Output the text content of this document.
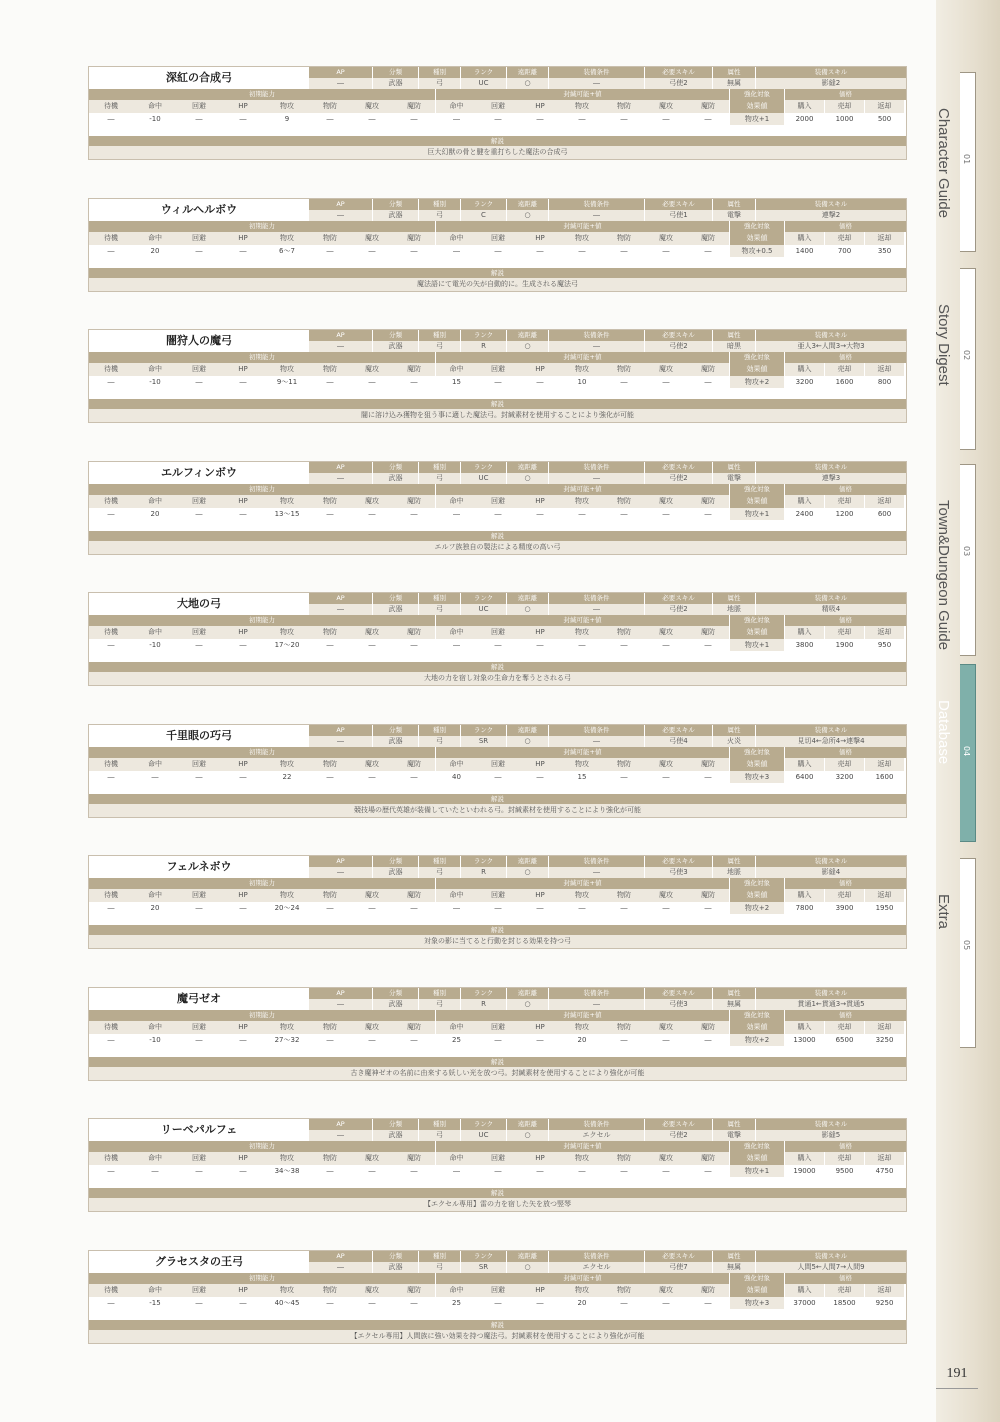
深紅の合成弓	AP	分類	種別	ランク	遠距離	装備条件	必要スキル	属性	装備スキル
―	武器	弓	UC	○	―	弓使2	無属	影縫2
初期能力	封緘可能+値	強化対象	価格
待機	命中	回避	HP	物攻	物防	魔攻	魔防	命中	回避	HP	物攻	物防	魔攻	魔防	効果値	購入	売却	返却
―	-10	―	―	9	―	―	―	―	―	―	―	―	―	―	物攻+1	2000	1000	500
解説
巨大幻獣の骨と腱を重打ちした魔法の合成弓
ウィルヘルボウ	AP	分類	種別	ランク	遠距離	装備条件	必要スキル	属性	装備スキル
―	武器	弓	C	○	―	弓使1	電撃	連撃2
初期能力	封緘可能+値	強化対象	価格
待機	命中	回避	HP	物攻	物防	魔攻	魔防	命中	回避	HP	物攻	物防	魔攻	魔防	効果値	購入	売却	返却
―	20	―	―	6～7	―	―	―	―	―	―	―	―	―	―	物攻+0.5	1400	700	350
解説
魔法語にて電光の矢が自動的に。生成される魔法弓
闇狩人の魔弓	AP	分類	種別	ランク	遠距離	装備条件	必要スキル	属性	装備スキル
―	武器	弓	R	○	―	弓使2	暗黒	亜人3←人間3→大物3
初期能力	封緘可能+値	強化対象	価格
待機	命中	回避	HP	物攻	物防	魔攻	魔防	命中	回避	HP	物攻	物防	魔攻	魔防	効果値	購入	売却	返却
―	-10	―	―	9～11	―	―	―	15	―	―	10	―	―	―	物攻+2	3200	1600	800
解説
闇に溶け込み獲物を狙う事に適した魔法弓。封緘素材を使用することにより強化が可能
エルフィンボウ	AP	分類	種別	ランク	遠距離	装備条件	必要スキル	属性	装備スキル
―	武器	弓	UC	○	―	弓使2	電撃	連撃3
初期能力	封緘可能+値	強化対象	価格
待機	命中	回避	HP	物攻	物防	魔攻	魔防	命中	回避	HP	物攻	物防	魔攻	魔防	効果値	購入	売却	返却
―	20	―	―	13～15	―	―	―	―	―	―	―	―	―	―	物攻+1	2400	1200	600
解説
エルフ族独自の製法による精度の高い弓
大地の弓	AP	分類	種別	ランク	遠距離	装備条件	必要スキル	属性	装備スキル
―	武器	弓	UC	○	―	弓使2	地脈	精吸4
初期能力	封緘可能+値	強化対象	価格
待機	命中	回避	HP	物攻	物防	魔攻	魔防	命中	回避	HP	物攻	物防	魔攻	魔防	効果値	購入	売却	返却
―	-10	―	―	17～20	―	―	―	―	―	―	―	―	―	―	物攻+1	3800	1900	950
解説
大地の力を宿し対象の生命力を奪うとされる弓
千里眼の巧弓	AP	分類	種別	ランク	遠距離	装備条件	必要スキル	属性	装備スキル
―	武器	弓	SR	○	―	弓使4	火炎	見切4←急所4→連撃4
初期能力	封緘可能+値	強化対象	価格
待機	命中	回避	HP	物攻	物防	魔攻	魔防	命中	回避	HP	物攻	物防	魔攻	魔防	効果値	購入	売却	返却
―	―	―	―	22	―	―	―	40	―	―	15	―	―	―	物攻+3	6400	3200	1600
解説
競技場の歴代英雄が装備していたといわれる弓。封緘素材を使用することにより強化が可能
フェルネボウ	AP	分類	種別	ランク	遠距離	装備条件	必要スキル	属性	装備スキル
―	武器	弓	R	○	―	弓使3	地脈	影縫4
初期能力	封緘可能+値	強化対象	価格
待機	命中	回避	HP	物攻	物防	魔攻	魔防	命中	回避	HP	物攻	物防	魔攻	魔防	効果値	購入	売却	返却
―	20	―	―	20～24	―	―	―	―	―	―	―	―	―	―	物攻+2	7800	3900	1950
解説
対象の影に当てると行動を封じる効果を持つ弓
魔弓ゼオ	AP	分類	種別	ランク	遠距離	装備条件	必要スキル	属性	装備スキル
―	武器	弓	R	○	―	弓使3	無属	貫通1←貫通3→貫通5
初期能力	封緘可能+値	強化対象	価格
待機	命中	回避	HP	物攻	物防	魔攻	魔防	命中	回避	HP	物攻	物防	魔攻	魔防	効果値	購入	売却	返却
―	-10	―	―	27～32	―	―	―	25	―	―	20	―	―	―	物攻+2	13000	6500	3250
解説
古き魔神ゼオの名前に由来する妖しい光を放つ弓。封緘素材を使用することにより強化が可能
リーベパルフェ	AP	分類	種別	ランク	遠距離	装備条件	必要スキル	属性	装備スキル
―	武器	弓	UC	○	エクセル	弓使2	電撃	影縫5
初期能力	封緘可能+値	強化対象	価格
待機	命中	回避	HP	物攻	物防	魔攻	魔防	命中	回避	HP	物攻	物防	魔攻	魔防	効果値	購入	売却	返却
―	―	―	―	34～38	―	―	―	―	―	―	―	―	―	―	物攻+1	19000	9500	4750
解説
【エクセル専用】雷の力を宿した矢を放つ竪琴
グラセスタの王弓	AP	分類	種別	ランク	遠距離	装備条件	必要スキル	属性	装備スキル
―	武器	弓	SR	○	エクセル	弓使7	無属	人間5←人間7→人間9
初期能力	封緘可能+値	強化対象	価格
待機	命中	回避	HP	物攻	物防	魔攻	魔防	命中	回避	HP	物攻	物防	魔攻	魔防	効果値	購入	売却	返却
―	-15	―	―	40～45	―	―	―	25	―	―	20	―	―	―	物攻+3	37000	18500	9250
解説
【エクセル専用】人間族に強い効果を持つ魔法弓。封緘素材を使用することにより強化が可能
Character Guide 01
Story Digest 02
Town&Dungeon Guide 03
Database 04
Extra
05
191
